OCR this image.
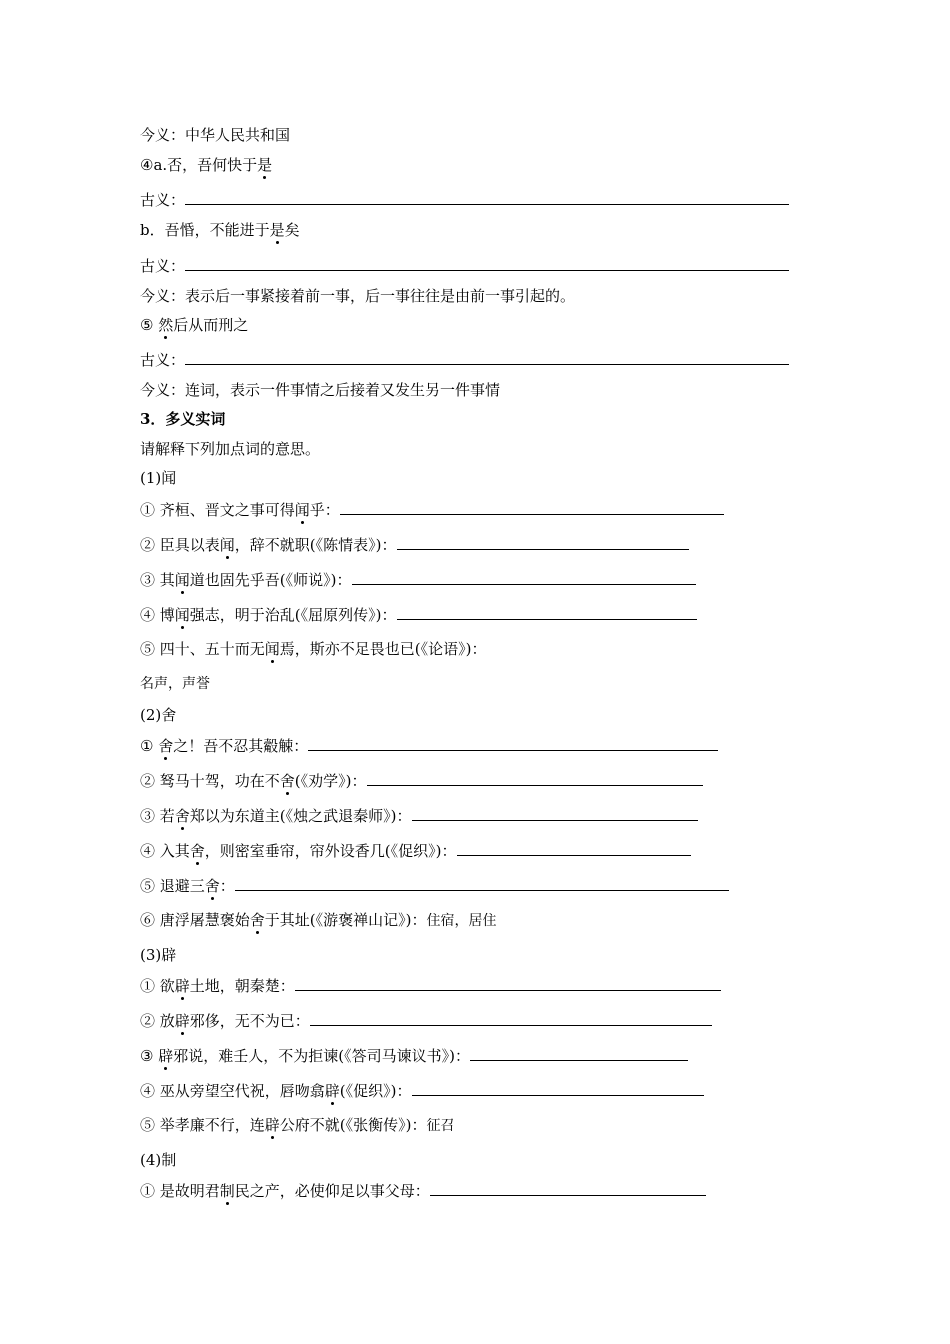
今义：中华人民共和国
④a.否，吾何快于是
古义：
b．吾惛，不能进于是矣
古义：
今义：表示后一事紧接着前一事，后一事往往是由前一事引起的。
⑤ 然后从而刑之
古义：
今义：连词，表示一件事情之后接着又发生另一件事情
3．多义实词
请解释下列加点词的意思。
(1)闻
① 齐桓、晋文之事可得闻乎：
② 臣具以表闻，辞不就职(《陈情表》)：
③ 其闻道也固先乎吾(《师说》)：
④ 博闻强志，明于治乱(《屈原列传》)：
⑤ 四十、五十而无闻焉，斯亦不足畏也已(《论语》)：
名声，声誉
(2)舍
① 舍之！吾不忍其觳觫：
② 驽马十驾，功在不舍(《劝学》)：
③ 若舍郑以为东道主(《烛之武退秦师》)：
④ 入其舍，则密室垂帘，帘外设香几(《促织》)：
⑤ 退避三舍：
⑥ 唐浮屠慧褒始舍于其址(《游褒禅山记》)：住宿，居住
(3)辟
① 欲辟土地，朝秦楚：
② 放辟邪侈，无不为已：
③ 辟邪说，难壬人，不为拒谏(《答司马谏议书》)：
④ 巫从旁望空代祝，唇吻翕辟(《促织》)：
⑤ 举孝廉不行，连辟公府不就(《张衡传》)：征召
(4)制
① 是故明君制民之产，必使仰足以事父母：
